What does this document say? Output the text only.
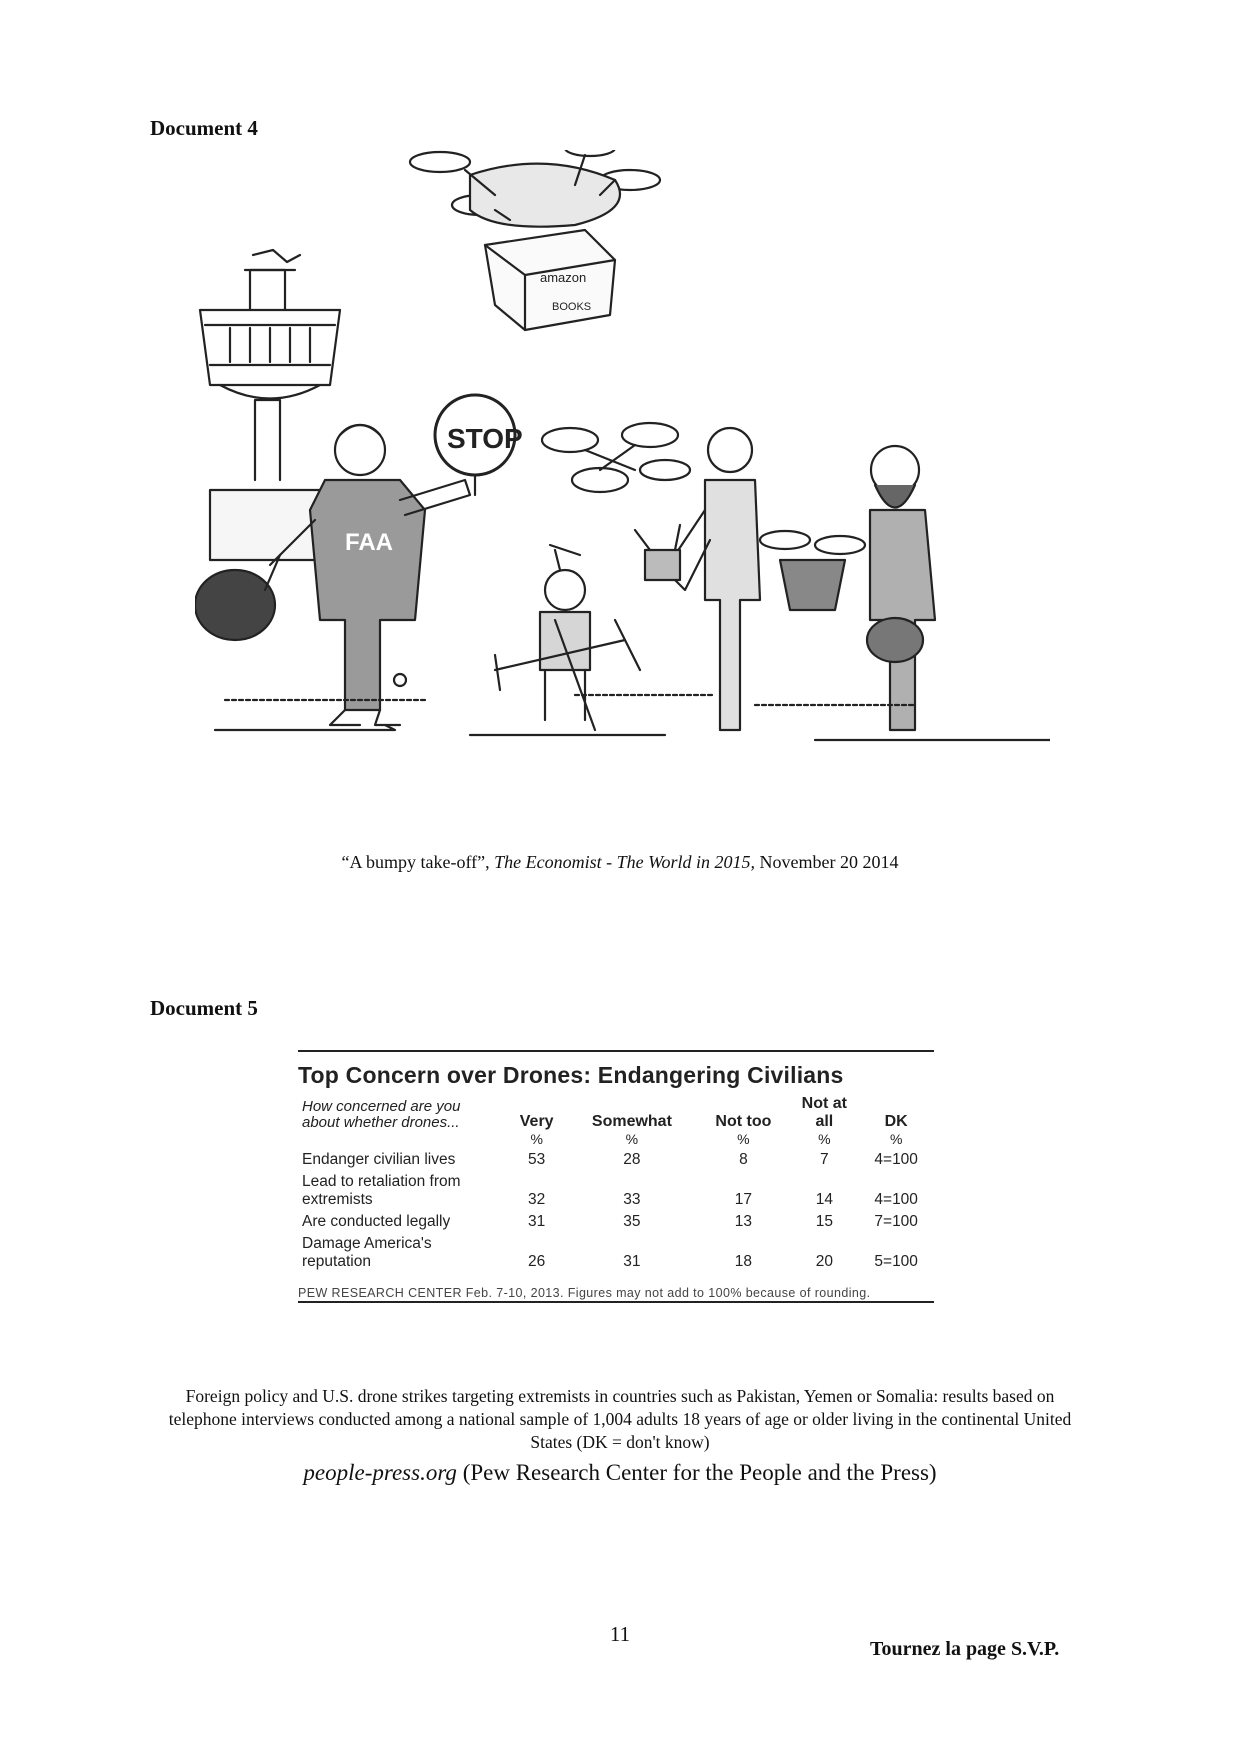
Document 4
amazon
BOOKS
FAA
STOP
“A bumpy take-off”, The Economist - The World in 2015, November 20 2014
Document 5
Top Concern over Drones: Endangering Civilians
How concerned are you about whether drones...	Very	Somewhat	Not too	Not at all	DK
	%	%	%	%	%
Endanger civilian lives	53	28	8	7	4=100
Lead to retaliation from extremists	32	33	17	14	4=100
Are conducted legally	31	35	13	15	7=100
Damage America's reputation	26	31	18	20	5=100
PEW RESEARCH CENTER Feb. 7-10, 2013. Figures may not add to 100% because of rounding.
Foreign policy and U.S. drone strikes targeting extremists in countries such as Pakistan, Yemen or Somalia: results based on telephone interviews conducted among a national sample of 1,004 adults 18 years of age or older living in the continental United States (DK = don't know)
people-press.org (Pew Research Center for the People and the Press)
11
Tournez la page S.V.P.
